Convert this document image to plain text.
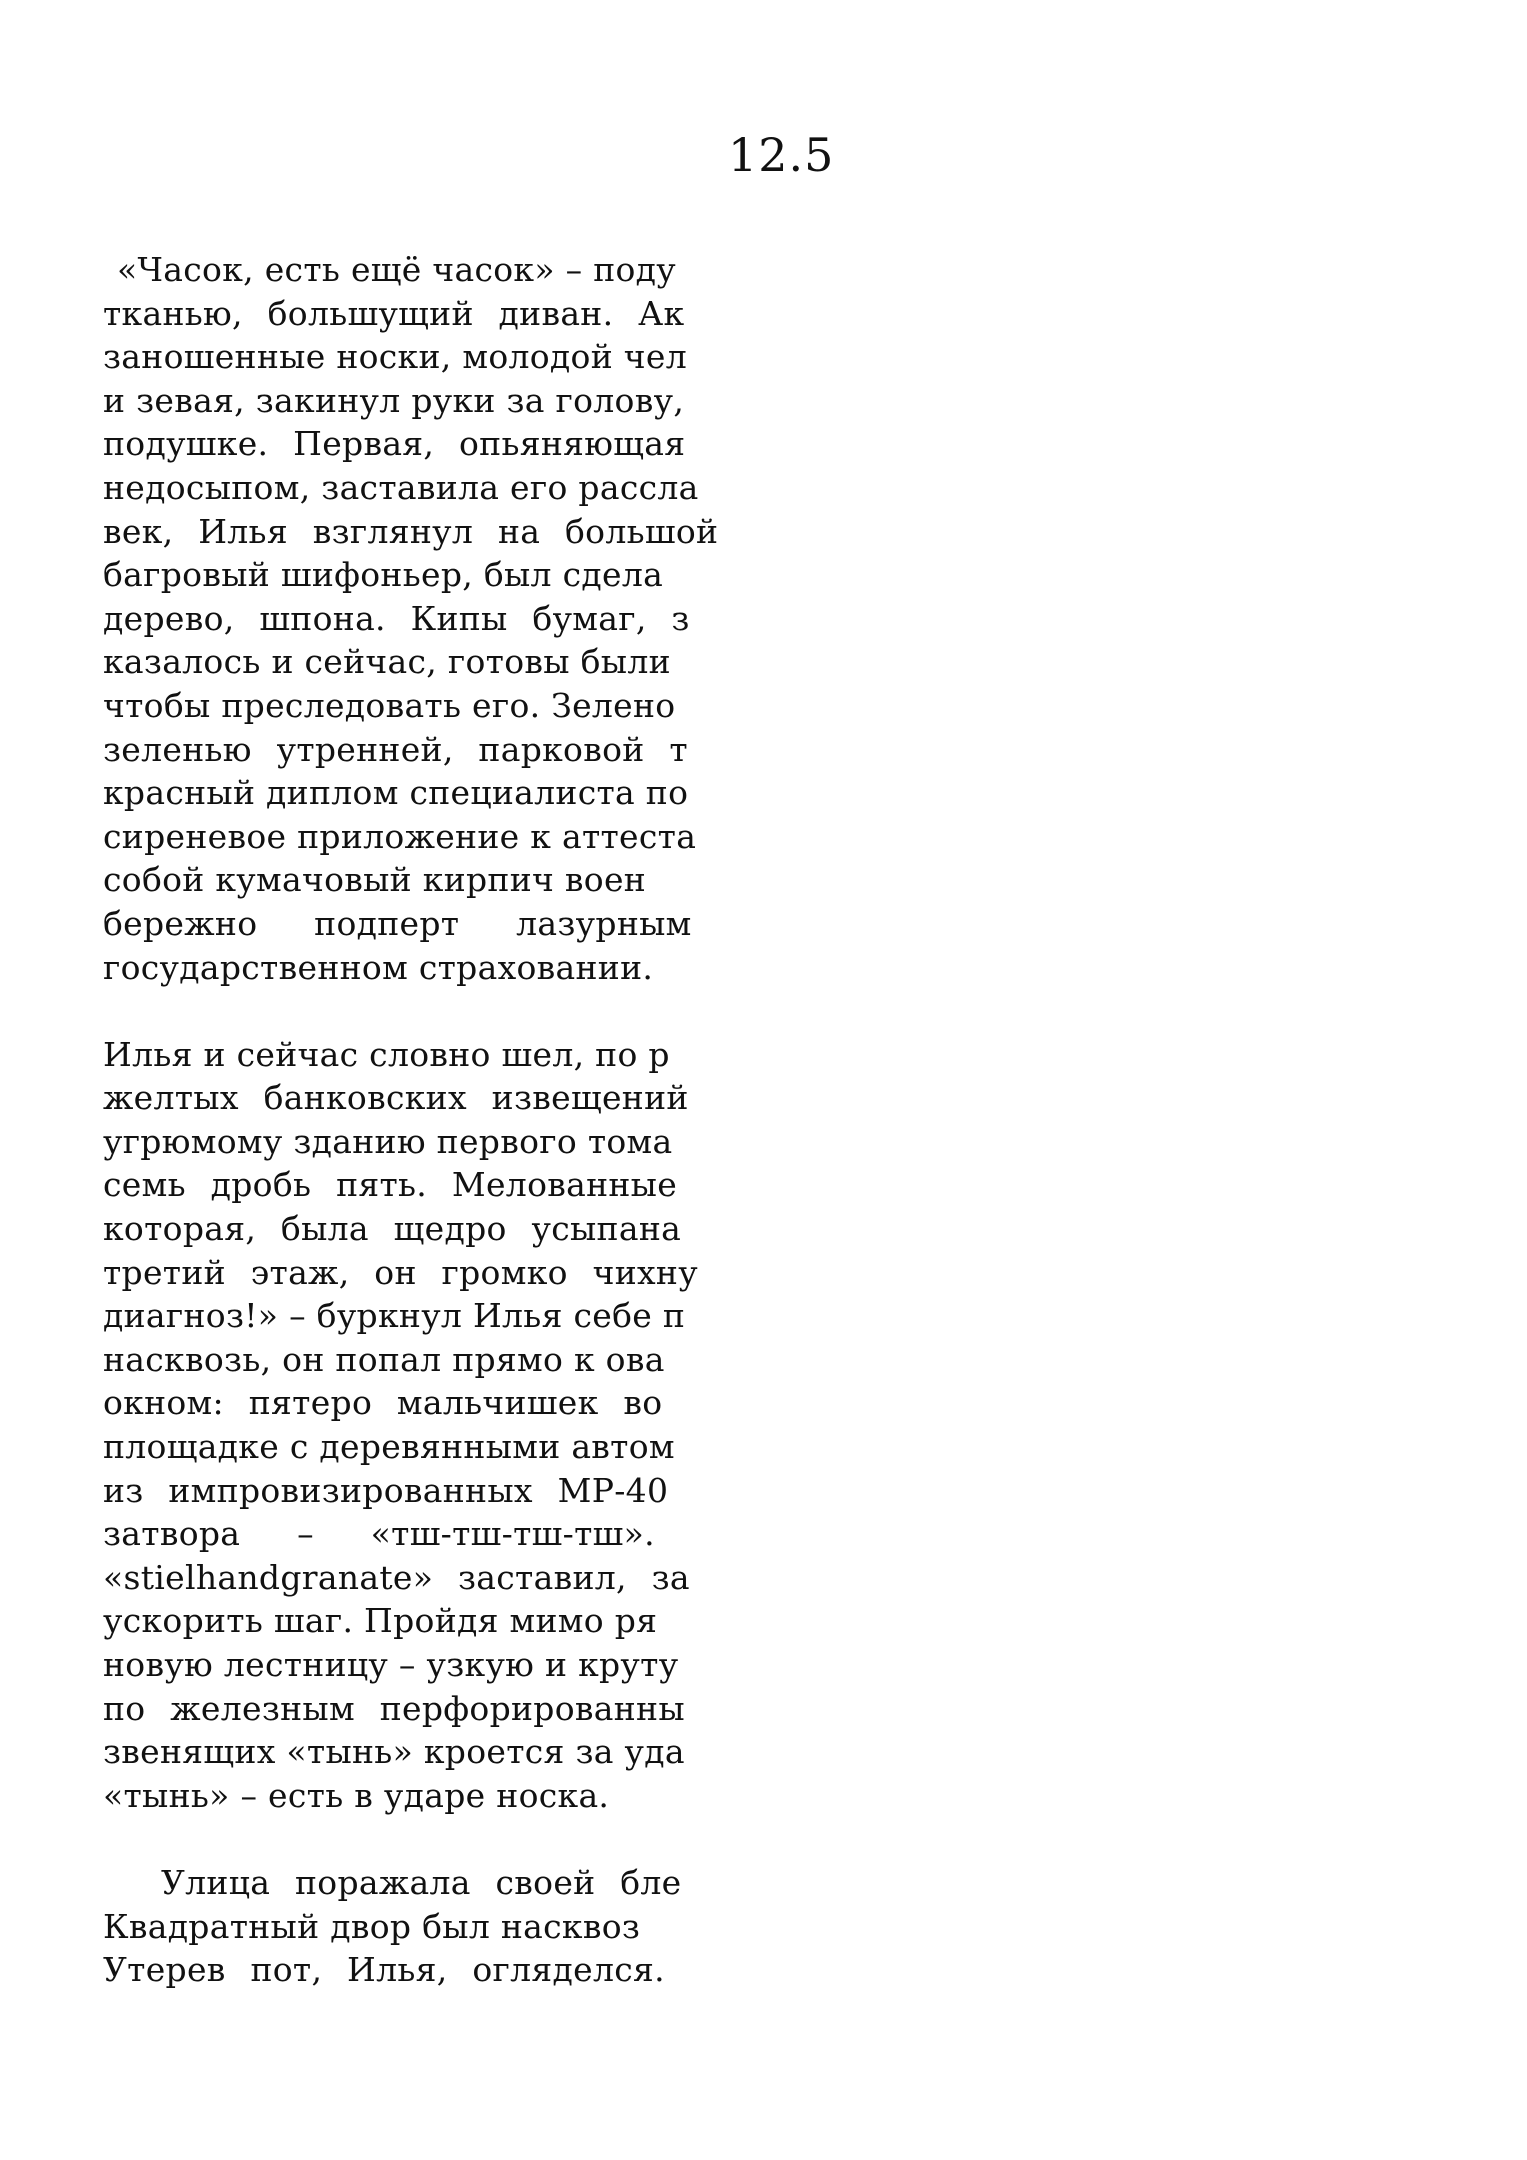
12.5
«Часок, есть ещё часок» – поду
тканью, большущий диван. Ак
заношенные носки, молодой чел
и зевая, закинул руки за голову,
подушке. Первая, опьяняющая
недосыпом, заставила его рассла
век, Илья взглянул на большой
багровый шифоньер, был сдела
дерево, шпона. Кипы бумаг, з
казалось и сейчас, готовы были
чтобы преследовать его. Зелено
зеленью утренней, парковой т
красный диплом специалиста по
сиреневое приложение к аттеста
собой кумачовый кирпич воен
бережно подперт лазурным
государственном страховании.
Илья и сейчас словно шел, по р
желтых банковских извещений
угрюмому зданию первого тома
семь дробь пять. Мелованные
которая, была щедро усыпана
третий этаж, он громко чихну
диагноз!» – буркнул Илья себе п
насквозь, он попал прямо к ова
окном: пятеро мальчишек во
площадке с деревянными автом
из импровизированных МР-40
затвора – «тш-тш-тш-тш».
«stielhandgranate» заставил, за
ускорить шаг. Пройдя мимо ря
новую лестницу – узкую и круту
по железным перфорированны
звенящих «тынь» кроется за уда
«тынь» – есть в ударе носка.
Улица поражала своей бле
Квадратный двор был насквоз
Утерев пот, Илья, огляделся.
